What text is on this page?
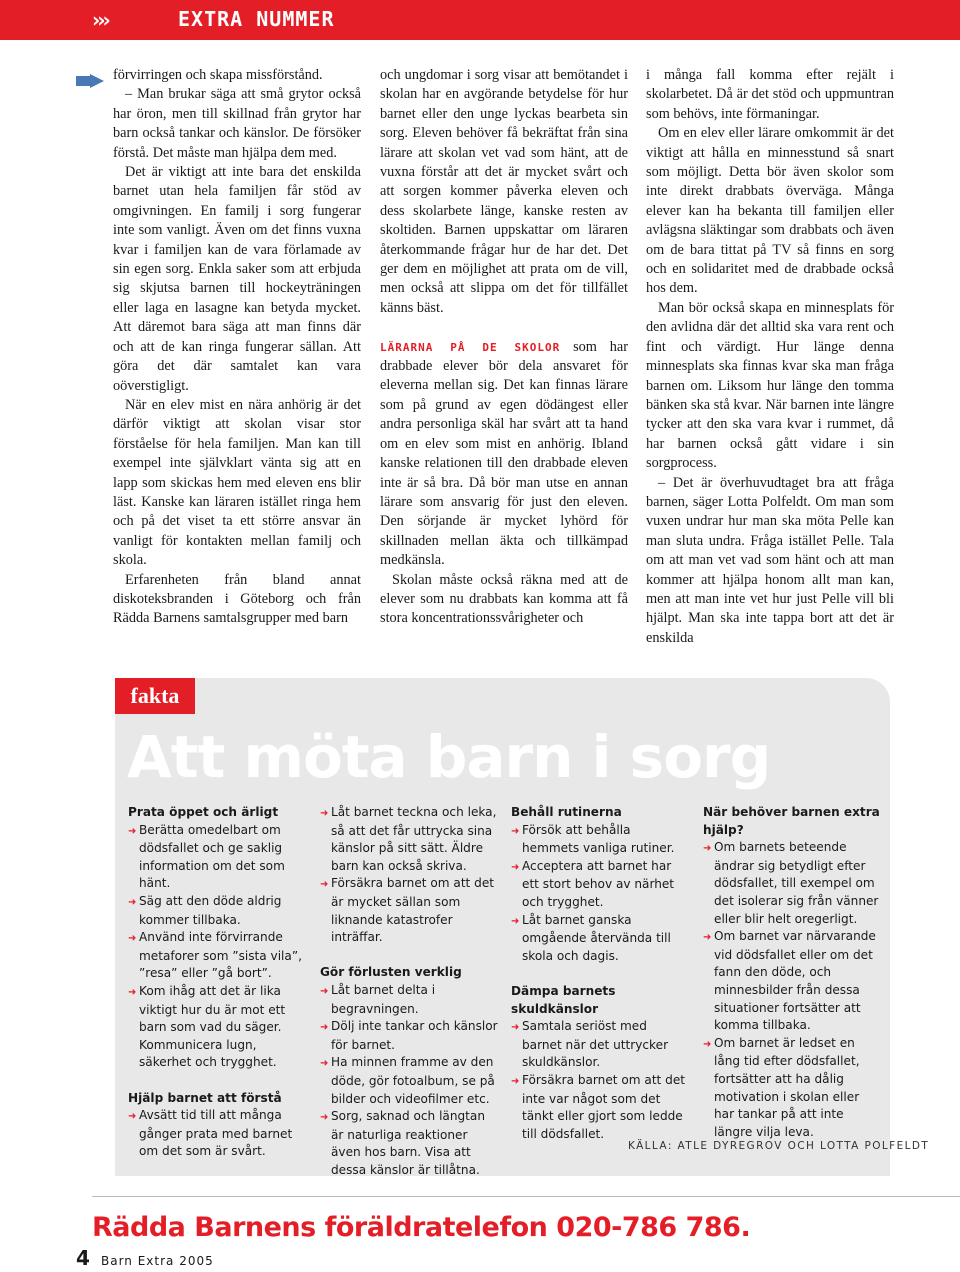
›››	EXTRA NUMMER

förvirringen och skapa missförstånd.

– Man brukar säga att små grytor också har öron, men till skillnad från grytor har barn också tankar och känslor. De försöker förstå. Det måste man hjälpa dem med.

Det är viktigt att inte bara det enskilda barnet utan hela familjen får stöd av omgivningen. En familj i sorg fungerar inte som vanligt. Även om det finns vuxna kvar i familjen kan de vara förlamade av sin egen sorg. Enkla saker som att erbjuda sig skjutsa barnen till hockeyträningen eller laga en lasagne kan betyda mycket. Att däremot bara säga att man finns där och att de kan ringa fungerar sällan. Att göra det där samtalet kan vara oöverstigligt.

När en elev mist en nära anhörig är det därför viktigt att skolan visar stor förståelse för hela familjen. Man kan till exempel inte självklart vänta sig att en lapp som skickas hem med eleven ens blir läst. Kanske kan läraren istället ringa hem och på det viset ta ett större ansvar än vanligt för kontakten mellan familj och skola.

Erfarenheten från bland annat diskoteksbranden i Göteborg och från Rädda Barnens samtalsgrupper med barn

och ungdomar i sorg visar att bemötandet i skolan har en avgörande betydelse för hur barnet eller den unge lyckas bearbeta sin sorg. Eleven behöver få bekräftat från sina lärare att skolan vet vad som hänt, att de vuxna förstår att det är mycket svårt och att sorgen kommer påverka eleven och dess skolarbete länge, kanske resten av skoltiden. Barnen uppskattar om läraren återkommande frågar hur de har det. Det ger dem en möjlighet att prata om de vill, men också att slippa om det för tillfället känns bäst.

LÄRARNA PÅ DE SKOLOR som har drabbade elever bör dela ansvaret för eleverna mellan sig. Det kan finnas lärare som på grund av egen dödängest eller andra personliga skäl har svårt att ta hand om en elev som mist en anhörig. Ibland kanske relationen till den drabbade eleven inte är så bra. Då bör man utse en annan lärare som ansvarig för just den eleven. Den sörjande är mycket lyhörd för skillnaden mellan äkta och tillkämpad medkänsla.

Skolan måste också räkna med att de elever som nu drabbats kan komma att få stora koncentrationssvårigheter och

i många fall komma efter rejält i skolarbetet. Då är det stöd och uppmuntran som behövs, inte förmaningar.

Om en elev eller lärare omkommit är det viktigt att hålla en minnesstund så snart som möjligt. Detta bör även skolor som inte direkt drabbats överväga. Många elever kan ha bekanta till familjen eller avlägsna släktingar som drabbats och även om de bara tittat på TV så finns en sorg och en solidaritet med de drabbade också hos dem.

Man bör också skapa en minnesplats för den avlidna där det alltid ska vara rent och fint och värdigt. Hur länge denna minnesplats ska finnas kvar ska man fråga barnen om. Liksom hur länge den tomma bänken ska stå kvar. När barnen inte längre tycker att den ska vara kvar i rummet, då har barnen också gått vidare i sin sorgprocess.

– Det är överhuvudtaget bra att fråga barnen, säger Lotta Polfeldt. Om man som vuxen undrar hur man ska möta Pelle kan man sluta undra. Fråga istället Pelle. Tala om att man vet vad som hänt och att man kommer att hjälpa honom allt man kan, men att man inte vet hur just Pelle vill bli hjälpt. Man ska inte tappa bort att det är enskilda

fakta
Att möta barn i sorg
Prata öppet och ärligt
➜ Berätta omedelbart om dödsfallet och ge saklig information om det som hänt.
➜ Säg att den döde aldrig kommer tillbaka.
➜ Använd inte förvirrande metaforer som ”sista vila”, ”resa” eller ”gå bort”.
➜ Kom ihåg att det är lika viktigt hur du är mot ett barn som vad du säger. Kommunicera lugn, säkerhet och trygghet.
Hjälp barnet att förstå
➜ Avsätt tid till att många gånger prata med barnet om det som är svårt.
➜ Låt barnet teckna och leka, så att det får uttrycka sina känslor på sitt sätt. Äldre barn kan också skriva.
➜ Försäkra barnet om att det är mycket sällan som liknande katastrofer inträffar.
Gör förlusten verklig
➜ Låt barnet delta i begravningen.
➜ Dölj inte tankar och känslor för barnet.
➜ Ha minnen framme av den döde, gör fotoalbum, se på bilder och videofilmer etc.
➜ Sorg, saknad och längtan är naturliga reaktioner även hos barn. Visa att dessa känslor är tillåtna.
Behåll rutinerna
➜ Försök att behålla hemmets vanliga rutiner.
➜ Acceptera att barnet har ett stort behov av närhet och trygghet.
➜ Låt barnet ganska omgående återvända till skola och dagis.
Dämpa barnets skuldkänslor
➜ Samtala seriöst med barnet när det uttrycker skuldkänslor.
➜ Försäkra barnet om att det inte var något som det tänkt eller gjort som ledde till dödsfallet.
När behöver barnen extra hjälp?
➜ Om barnets beteende ändrar sig betydligt efter dödsfallet, till exempel om det isolerar sig från vänner eller blir helt oregerligt.
➜ Om barnet var närvarande vid dödsfallet eller om det fann den döde, och minnesbilder från dessa situationer fortsätter att komma tillbaka.
➜ Om barnet är ledset en lång tid efter dödsfallet, fortsätter att ha dålig motivation i skolan eller har tankar på att inte längre vilja leva.
KÄLLA: ATLE DYREGROV OCH LOTTA POLFELDT
Rädda Barnens föräldratelefon 020-786 786.
4 Barn Extra 2005
